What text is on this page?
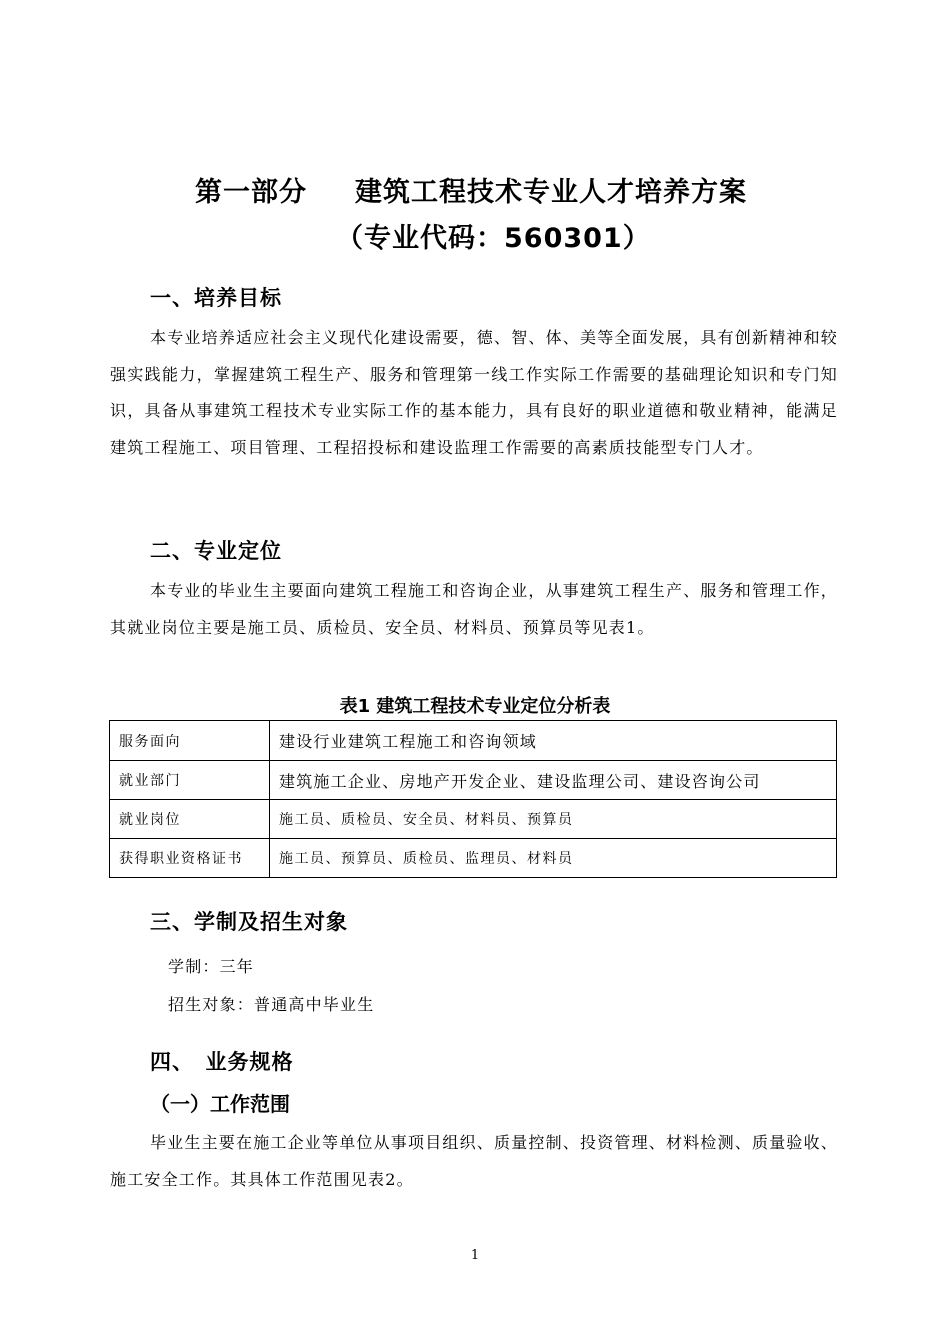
第一部分 建筑工程技术专业人才培养方案
（专业代码：560301）
一、培养目标
本专业培养适应社会主义现代化建设需要，德、智、体、美等全面发展，具有创新精神和较强实践能力，掌握建筑工程生产、服务和管理第一线工作实际工作需要的基础理论知识和专门知识，具备从事建筑工程技术专业实际工作的基本能力，具有良好的职业道德和敬业精神，能满足建筑工程施工、项目管理、工程招投标和建设监理工作需要的高素质技能型专门人才。
二、专业定位
本专业的毕业生主要面向建筑工程施工和咨询企业，从事建筑工程生产、服务和管理工作，其就业岗位主要是施工员、质检员、安全员、材料员、预算员等见表1。
表1 建筑工程技术专业定位分析表
服务面向	建设行业建筑工程施工和咨询领域
就业部门	建筑施工企业、房地产开发企业、建设监理公司、建设咨询公司
就业岗位	施工员、质检员、安全员、材料员、预算员
获得职业资格证书	施工员、预算员、质检员、监理员、材料员
三、学制及招生对象
学制：三年
招生对象：普通高中毕业生
四、　业务规格
（一）工作范围
毕业生主要在施工企业等单位从事项目组织、质量控制、投资管理、材料检测、质量验收、施工安全工作。其具体工作范围见表2。
1
